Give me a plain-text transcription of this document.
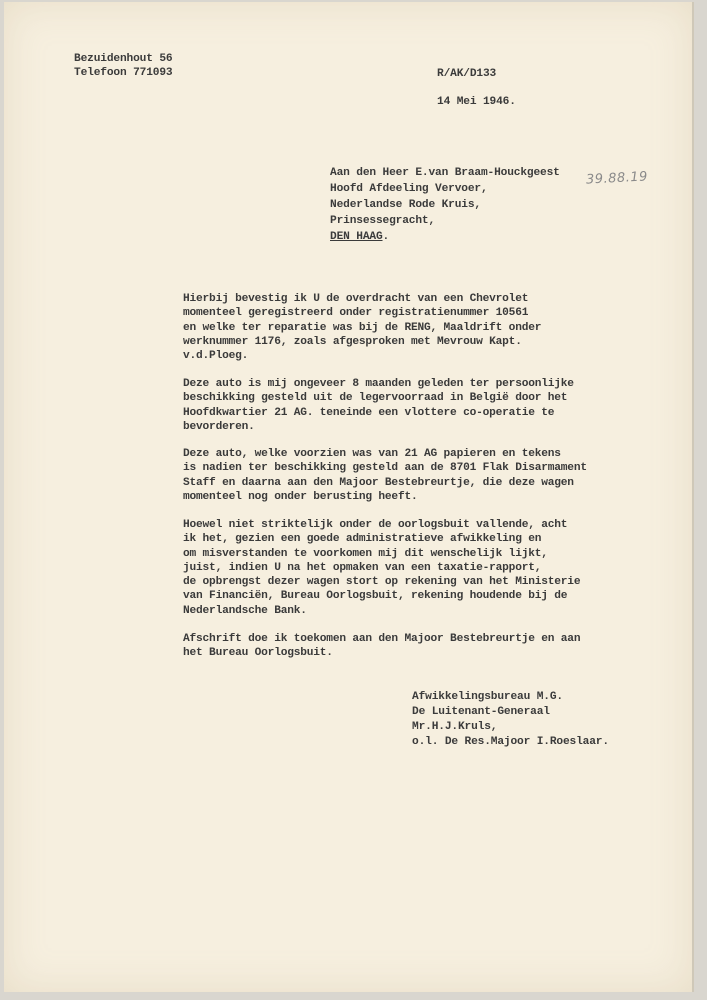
Bezuidenhout 56
Telefoon 771093	R/AK/D133
14 Mei 1946.
Aan den Heer E.van Braam-Houckgeest
Hoofd Afdeeling Vervoer,
Nederlandse Rode Kruis,
Prinsessegracht,
DEN HAAG.
39.88.19
Hierbij bevestig ik U de overdracht van een Chevrolet
momenteel geregistreerd onder registratienummer 10561
en welke ter reparatie was bij de RENG, Maaldrift onder
werknummer 1176, zoals afgesproken met Mevrouw Kapt.
v.d.Ploeg.
Deze auto is mij ongeveer 8 maanden geleden ter persoonlijke
beschikking gesteld uit de legervoorraad in België door het
Hoofdkwartier 21 AG. teneinde een vlottere co-operatie te
bevorderen.
Deze auto, welke voorzien was van 21 AG papieren en tekens
is nadien ter beschikking gesteld aan de 8701 Flak Disarmament
Staff en daarna aan den Majoor Bestebreurtje, die deze wagen
momenteel nog onder berusting heeft.
Hoewel niet striktelijk onder de oorlogsbuit vallende, acht
ik het, gezien een goede administratieve afwikkeling en
om misverstanden te voorkomen mij dit wenschelijk lijkt,
juist, indien U na het opmaken van een taxatie-rapport,
de opbrengst dezer wagen stort op rekening van het Ministerie
van Financiën, Bureau Oorlogsbuit, rekening houdende bij de
Nederlandsche Bank.
Afschrift doe ik toekomen aan den Majoor Bestebreurtje en aan
het Bureau Oorlogsbuit.
Afwikkelingsbureau M.G.
De Luitenant-Generaal
Mr.H.J.Kruls,
o.l. De Res.Majoor I.Roeslaar.
